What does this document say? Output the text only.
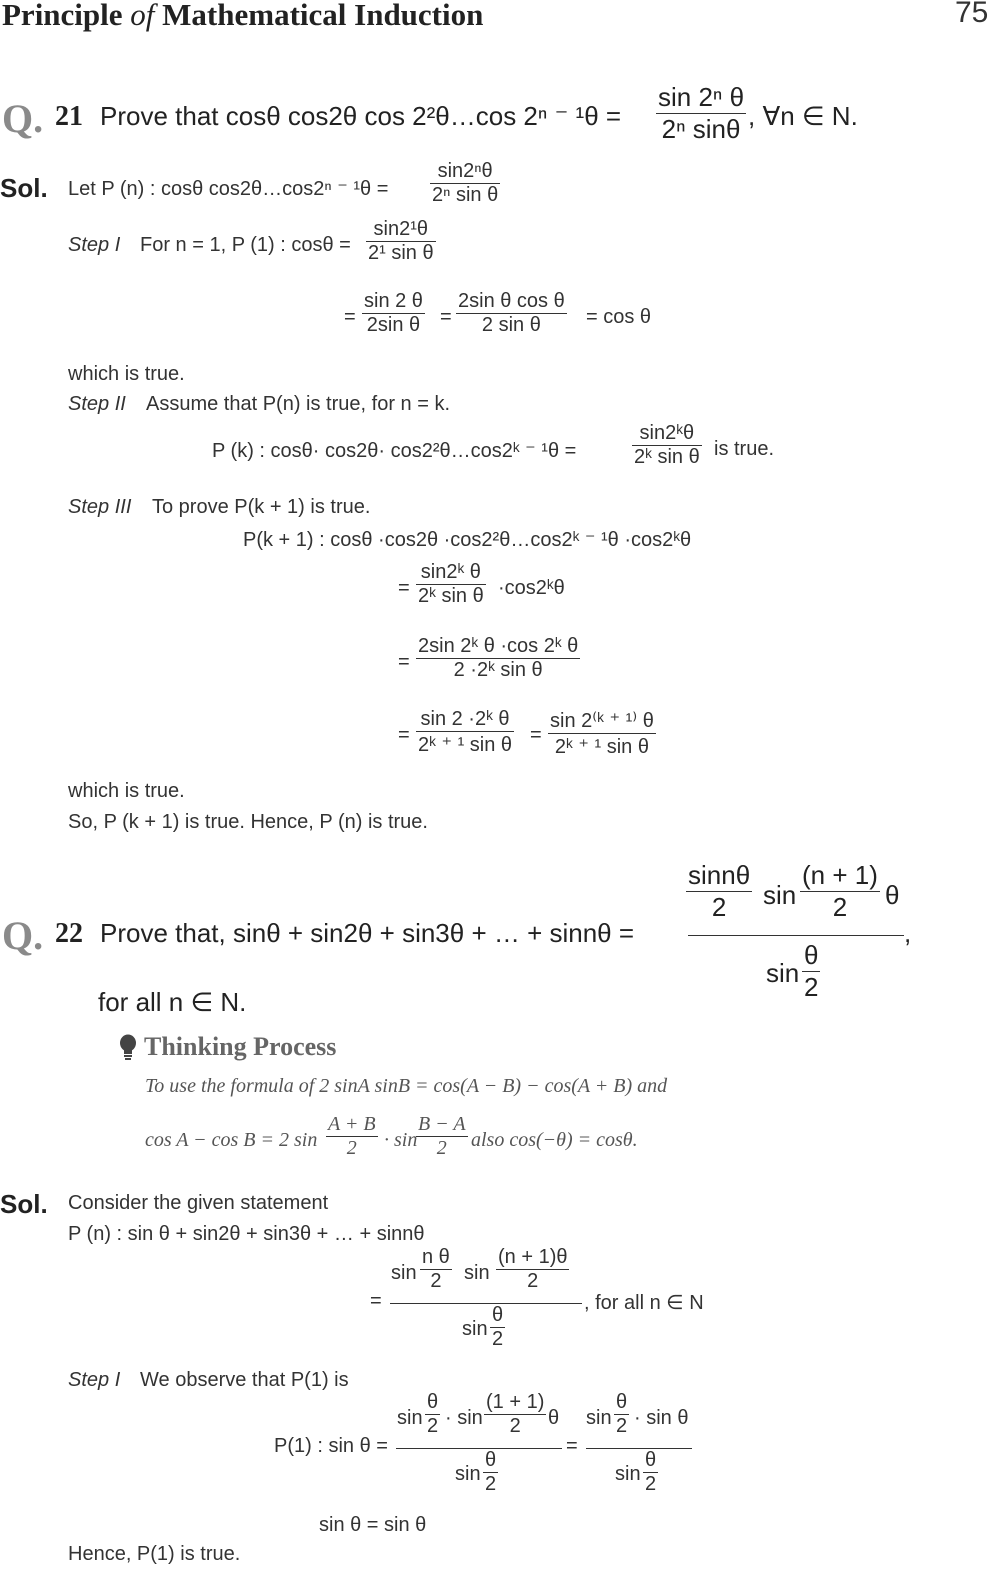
Principle of Mathematical Induction	75
Q. 21 Prove that cosθ cos2θ cos 2²θ…cos 2ⁿ ⁻ ¹θ =
sin 2ⁿ θ
2ⁿ sinθ , ∀n ∈ N.
Sol. Let P (n) : cosθ cos2θ…cos2ⁿ ⁻ ¹θ =
sin2ⁿθ
2ⁿ sin θ
Step I For n = 1, P (1) : cosθ =
sin2¹θ
2¹ sin θ
=
sin 2 θ
2sin θ =
2sin θ cos θ
2 sin θ = cos θ
which is true.
Step II Assume that P(n) is true, for n = k.
P (k) : cosθ· cos2θ· cos2²θ…cos2ᵏ ⁻ ¹θ =
sin2ᵏθ
2ᵏ sin θ is true.
Step III To prove P(k + 1) is true.
P(k + 1) : cosθ ·cos2θ ·cos2²θ…cos2ᵏ ⁻ ¹θ ·cos2ᵏθ
=
sin2ᵏ θ
2ᵏ sin θ ·cos2ᵏθ
=
2sin 2ᵏ θ ·cos 2ᵏ θ
2 ·2ᵏ sin θ
=
sin 2 ·2ᵏ θ
2ᵏ ⁺ ¹ sin θ =
sin 2⁽ᵏ ⁺ ¹⁾ θ
2ᵏ ⁺ ¹ sin θ
which is true.
So, P (k + 1) is true. Hence, P (n) is true.
Q. 22 Prove that, sinθ + sin2θ + sin3θ + … + sinnθ =
sinnθ
2 sin
(n + 1)
2 θ
sin
θ
2
,
for all n ∈ N.
Thinking Process
To use the formula of 2 sinA sinB = cos(A − B) − cos(A + B) and
cos A − cos B = 2 sin
A + B
2 · sin
B − A
2 also cos(−θ) = cosθ.
Sol. Consider the given statement
P (n) : sin θ + sin2θ + sin3θ + … + sinnθ
=
sin
n θ
2 sin
(n + 1)θ
2
sin
θ
2
, for all n ∈ N
Step I We observe that P(1) is
P(1) : sin θ =
sin
θ
2 · sin
(1 + 1)
2 θ
sin
θ
2
=
sin
θ
2 · sin θ
sin
θ
2
sin θ = sin θ
Hence, P(1) is true.
